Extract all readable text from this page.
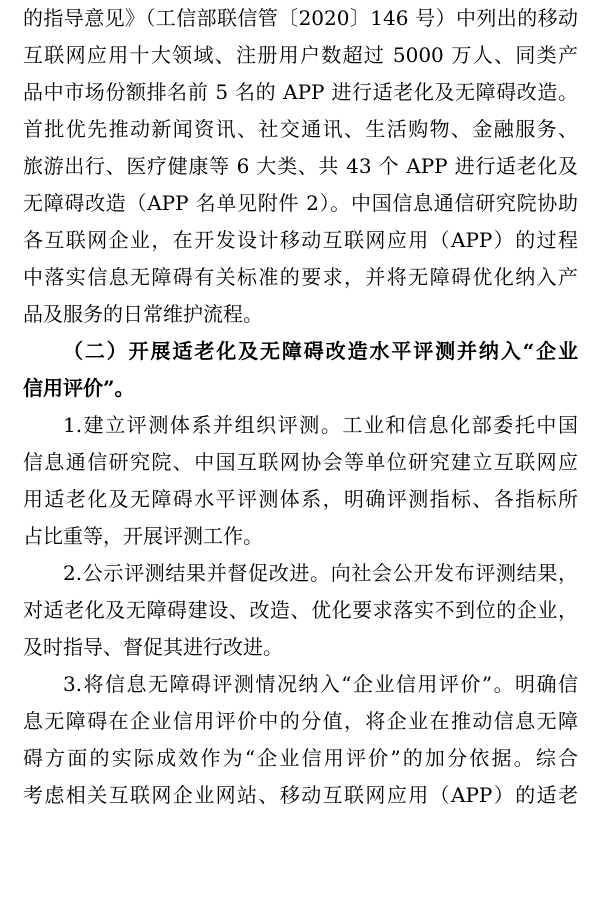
的指导意见》（工信部联信管〔2020〕146 号）中列出的移动
互联网应用十大领域、注册用户数超过 5000 万人、同类产
品中市场份额排名前 5 名的 APP 进行适老化及无障碍改造。
首批优先推动新闻资讯、社交通讯、生活购物、金融服务、
旅游出行、医疗健康等 6 大类、共 43 个 APP 进行适老化及
无障碍改造（APP 名单见附件 2）。中国信息通信研究院协助
各互联网企业，在开发设计移动互联网应用（APP）的过程
中落实信息无障碍有关标准的要求，并将无障碍优化纳入产
品及服务的日常维护流程。
（二）开展适老化及无障碍改造水平评测并纳入“企业
信用评价”。
1.建立评测体系并组织评测。工业和信息化部委托中国
信息通信研究院、中国互联网协会等单位研究建立互联网应
用适老化及无障碍水平评测体系，明确评测指标、各指标所
占比重等，开展评测工作。
2.公示评测结果并督促改进。向社会公开发布评测结果，
对适老化及无障碍建设、改造、优化要求落实不到位的企业，
及时指导、督促其进行改进。
3.将信息无障碍评测情况纳入“企业信用评价”。明确信
息无障碍在企业信用评价中的分值，将企业在推动信息无障
碍方面的实际成效作为“企业信用评价”的加分依据。综合
考虑相关互联网企业网站、移动互联网应用（APP）的适老
